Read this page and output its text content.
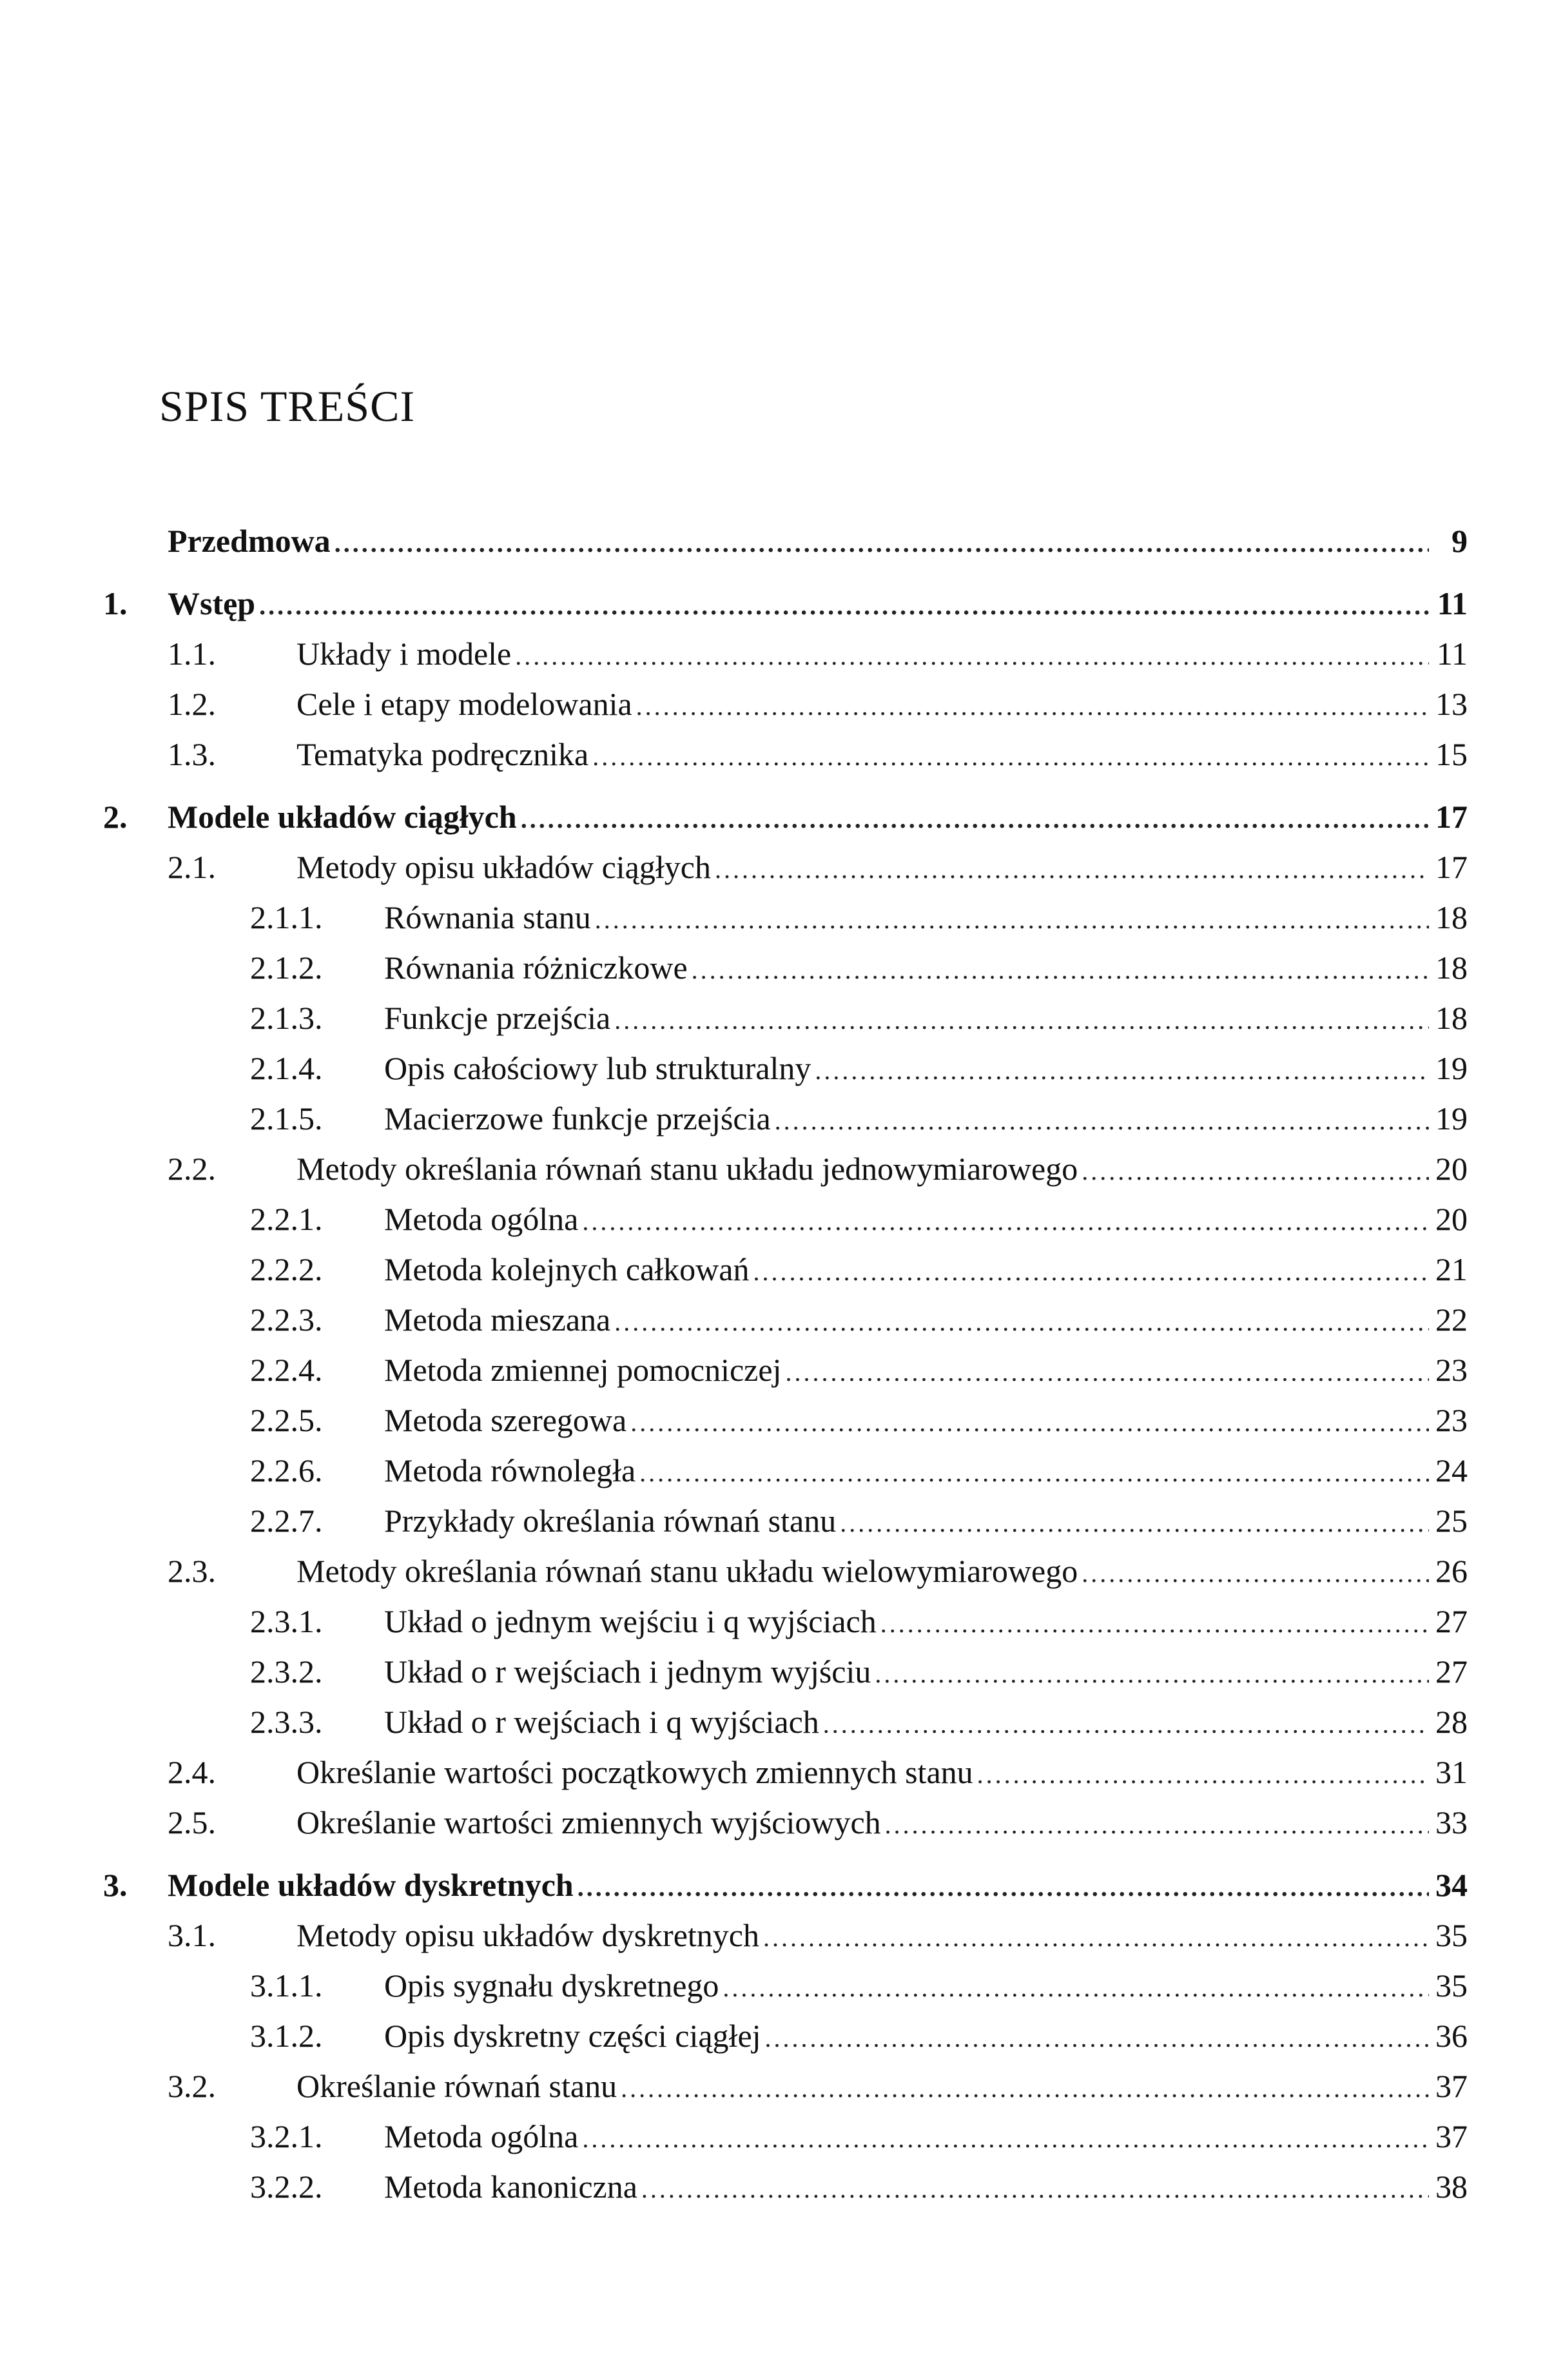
SPIS TREŚCI
Przedmowa .....	9
1.	Wstęp .....	11
1.1.	Układy i modele .....	11
1.2.	Cele i etapy modelowania .....	13
1.3.	Tematyka podręcznika .....	15
2.	Modele układów ciągłych .....	17
2.1.	Metody opisu układów ciągłych .....	17
2.1.1.	Równania stanu .....	18
2.1.2.	Równania różniczkowe .....	18
2.1.3.	Funkcje przejścia .....	18
2.1.4.	Opis całościowy lub strukturalny .....	19
2.1.5.	Macierzowe funkcje przejścia .....	19
2.2.	Metody określania równań stanu układu jednowymiarowego .....	20
2.2.1.	Metoda ogólna .....	20
2.2.2.	Metoda kolejnych całkowań .....	21
2.2.3.	Metoda mieszana .....	22
2.2.4.	Metoda zmiennej pomocniczej .....	23
2.2.5.	Metoda szeregowa .....	23
2.2.6.	Metoda równoległa .....	24
2.2.7.	Przykłady określania równań stanu .....	25
2.3.	Metody określania równań stanu układu wielowymiarowego .....	26
2.3.1.	Układ o jednym wejściu i q wyjściach .....	27
2.3.2.	Układ o r wejściach i jednym wyjściu .....	27
2.3.3.	Układ o r wejściach i q wyjściach .....	28
2.4.	Określanie wartości początkowych zmiennych stanu .....	31
2.5.	Określanie wartości zmiennych wyjściowych .....	33
3.	Modele układów dyskretnych .....	34
3.1.	Metody opisu układów dyskretnych .....	35
3.1.1.	Opis sygnału dyskretnego .....	35
3.1.2.	Opis dyskretny części ciągłej .....	36
3.2.	Określanie równań stanu .....	37
3.2.1.	Metoda ogólna .....	37
3.2.2.	Metoda kanoniczna .....	38
